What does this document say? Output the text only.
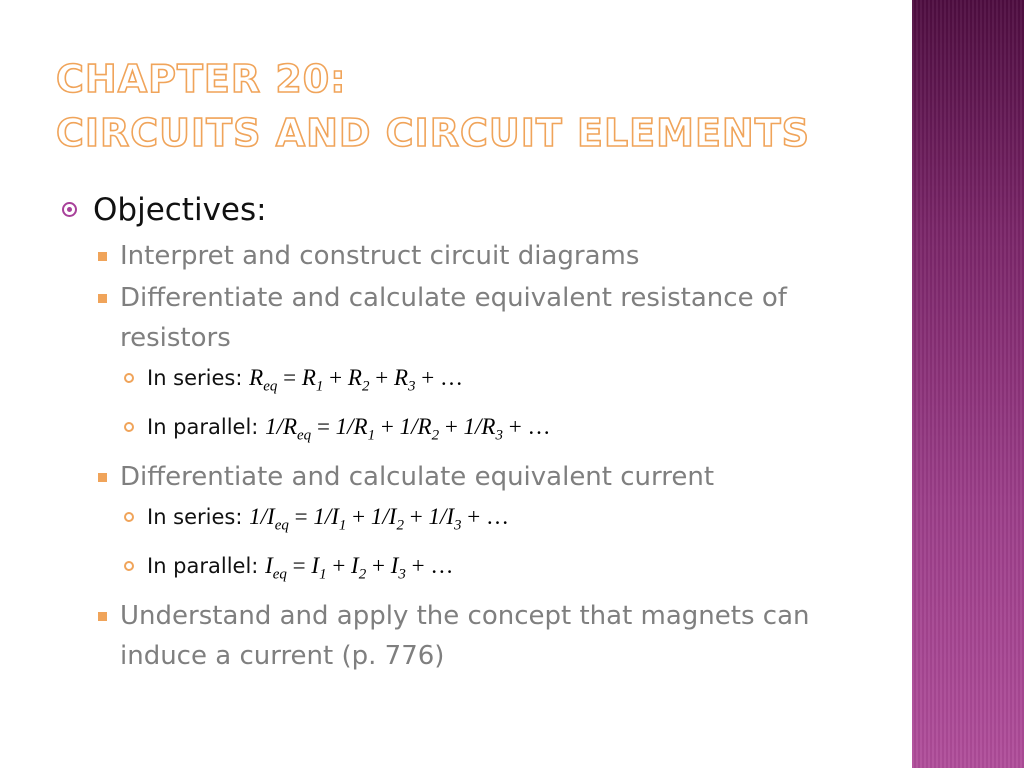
CHAPTER 20:
CIRCUITS AND CIRCUIT ELEMENTS
Objectives:
Interpret and construct circuit diagrams
Differentiate and calculate equivalent resistance of resistors
In series: $R_{eq} = R_1 + R_2 + R_3$ + …
In parallel: $1/R_{eq} = 1/R_1 + 1/R_2 + 1/R_3$ + …
Differentiate and calculate equivalent current
In series: $1/I_{eq} = 1/I_1 + 1/I_2 + 1/I_3$ + …
In parallel: $I_{eq} = I_1 + I_2 + I_3$ + …
Understand and apply the concept that magnets can induce a current (p. 776)
